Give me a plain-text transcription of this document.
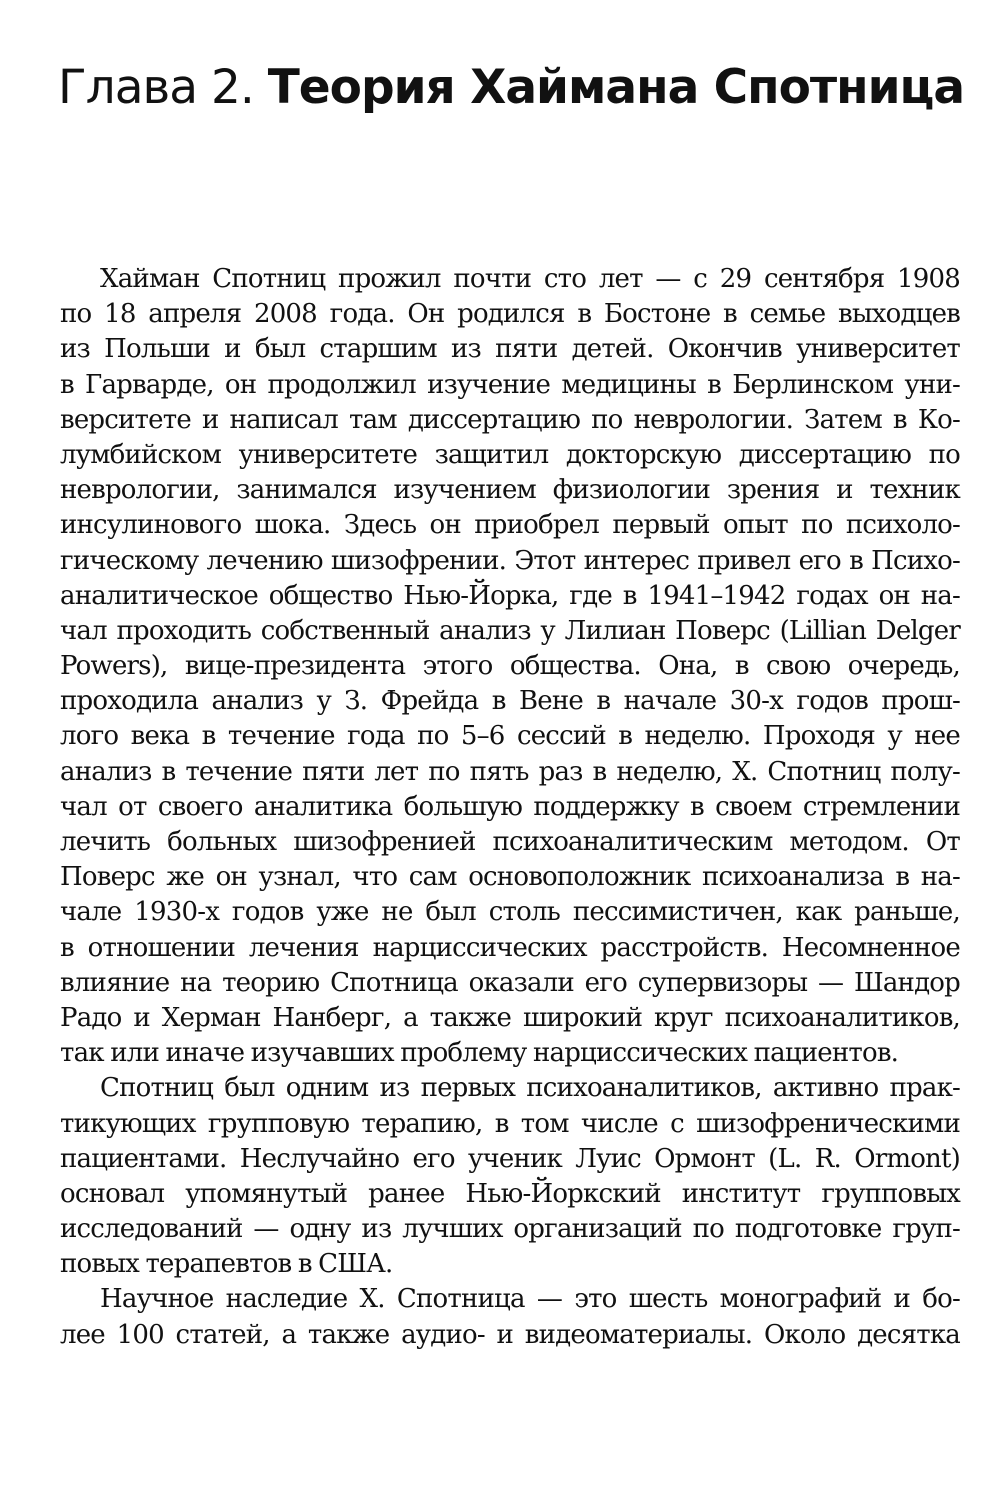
Глава 2. Теория Хаймана Спотница

Хайман Спотниц прожил почти сто лет — с 29 сентября 1908
по 18 апреля 2008 года. Он родился в Бостоне в семье выходцев
из Польши и был старшим из пяти детей. Окончив университет
в Гарварде, он продолжил изучение медицины в Берлинском уни-
верситете и написал там диссертацию по неврологии. Затем в Ко-
лумбийском университете защитил докторскую диссертацию по
неврологии, занимался изучением физиологии зрения и техник
инсулинового шока. Здесь он приобрел первый опыт по психоло-
гическому лечению шизофрении. Этот интерес привел его в Психо-
аналитическое общество Нью-Йорка, где в 1941–1942 годах он на-
чал проходить собственный анализ у Лилиан Поверс (Lillian Delger
Powers), вице-президента этого общества. Она, в свою очередь,
проходила анализ у З. Фрейда в Вене в начале 30-х годов прош-
лого века в течение года по 5–6 сессий в неделю. Проходя у нее
анализ в течение пяти лет по пять раз в неделю, Х. Спотниц полу-
чал от своего аналитика большую поддержку в своем стремлении
лечить больных шизофренией психоаналитическим методом. От
Поверс же он узнал, что сам основоположник психоанализа в на-
чале 1930-х годов уже не был столь пессимистичен, как раньше,
в отношении лечения нарциссических расстройств. Несомненное
влияние на теорию Спотница оказали его супервизоры — Шандор
Радо и Херман Нанберг, а также широкий круг психоаналитиков,
так или иначе изучавших проблему нарциссических пациентов.

Спотниц был одним из первых психоаналитиков, активно прак-
тикующих групповую терапию, в том числе с шизофреническими
пациентами. Неслучайно его ученик Луис Ормонт (L. R. Ormont)
основал упомянутый ранее Нью-Йоркский институт групповых
исследований — одну из лучших организаций по подготовке груп-
повых терапевтов в США.

Научное наследие Х. Спотница — это шесть монографий и бо-
лее 100 статей, а также аудио- и видеоматериалы. Около десятка
